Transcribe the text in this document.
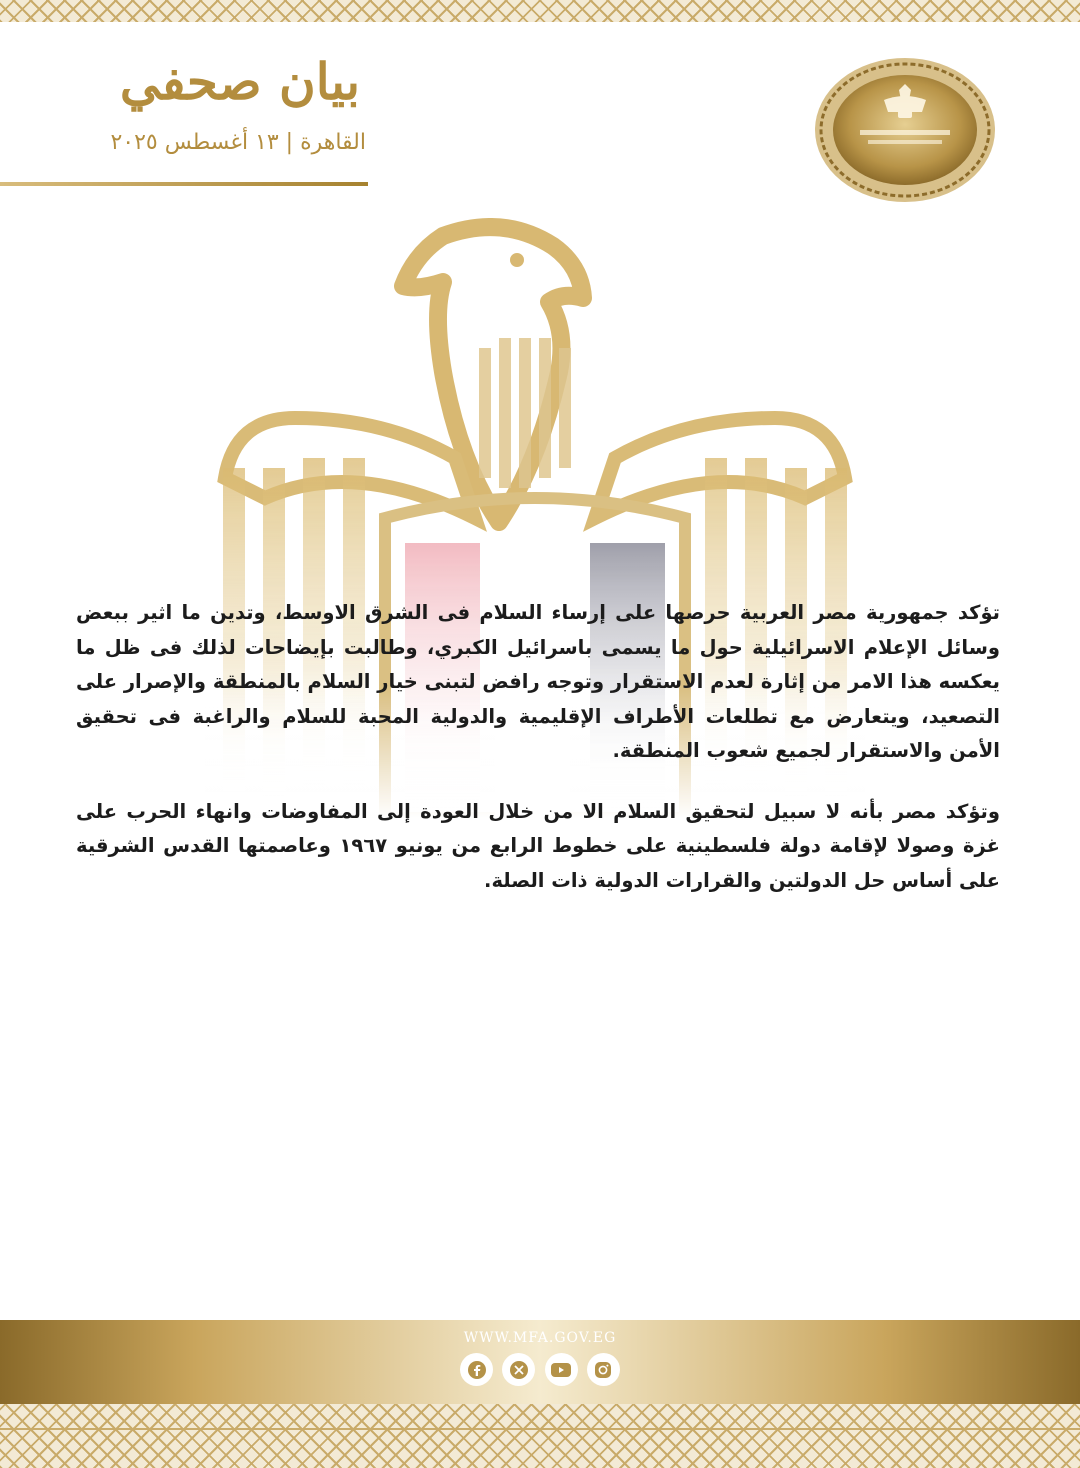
بيان صحفي
القاهرة | ١٣ أغسطس ٢٠٢٥

تؤكد جمهورية مصر العربية حرصها على إرساء السلام فى الشرق الاوسط، وتدين ما اثير ببعض وسائل الإعلام الاسرائيلية حول ما يسمى باسرائيل الكبري، وطالبت بإيضاحات لذلك فى ظل ما يعكسه هذا الامر من إثارة لعدم الاستقرار وتوجه رافض لتبنى خيار السلام بالمنطقة والإصرار على التصعيد، ويتعارض مع تطلعات الأطراف الإقليمية والدولية المحبة للسلام والراغبة فى تحقيق الأمن والاستقرار لجميع شعوب المنطقة.

وتؤكد مصر بأنه لا سبيل لتحقيق السلام الا من خلال العودة إلى المفاوضات وانهاء الحرب على غزة وصولا لإقامة دولة فلسطينية على خطوط الرابع من يونيو ١٩٦٧ وعاصمتها القدس الشرقية على أساس حل الدولتين والقرارات الدولية ذات الصلة.

WWW.MFA.GOV.EG
